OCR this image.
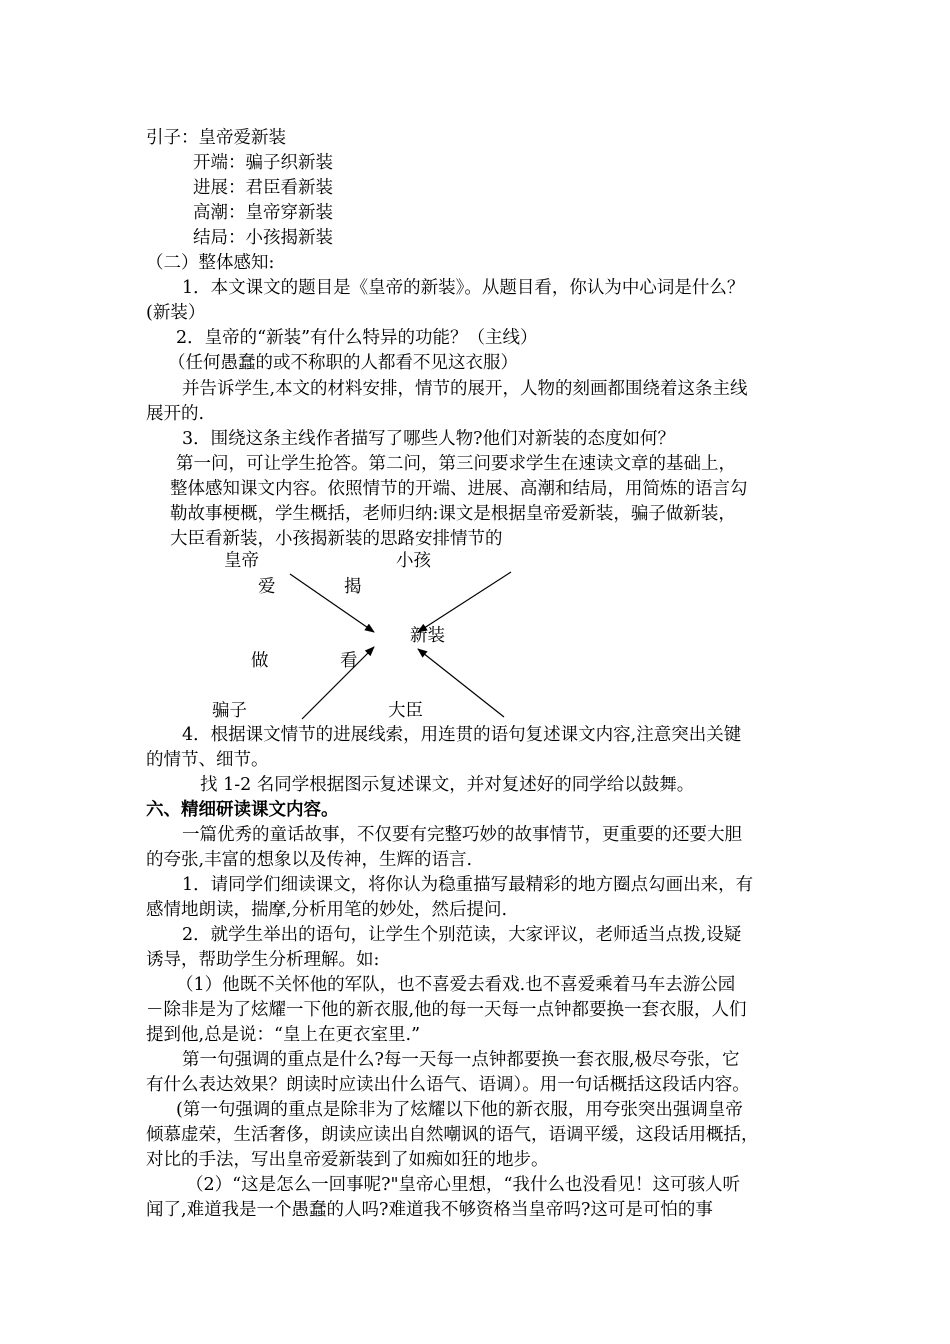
引子：皇帝爱新装
开端：骗子织新装
进展：君臣看新装
高潮：皇帝穿新装
结局：小孩揭新装
（二）整体感知:
1．本文课文的题目是《皇帝的新装》。从题目看，你认为中心词是什么？
(新装）
2．皇帝的“新装”有什么特异的功能？（主线）
（任何愚蠢的或不称职的人都看不见这衣服）
并告诉学生,本文的材料安排，情节的展开，人物的刻画都围绕着这条主线
展开的.
3．围绕这条主线作者描写了哪些人物?他们对新装的态度如何？
第一问，可让学生抢答。第二问，第三问要求学生在速读文章的基础上，
整体感知课文内容。依照情节的开端、进展、高潮和结局，用简炼的语言勾
勒故事梗概，学生概括，老师归纳:课文是根据皇帝爱新装，骗子做新装，
大臣看新装，小孩揭新装的思路安排情节的
皇帝	小孩
爱	揭
新装
做	看
骗子	大臣
4．根据课文情节的进展线索，用连贯的语句复述课文内容,注意突出关键
的情节、细节。
找 1-2 名同学根据图示复述课文，并对复述好的同学给以鼓舞。
六、精细研读课文内容。
一篇优秀的童话故事，不仅要有完整巧妙的故事情节，更重要的还要大胆
的夸张,丰富的想象以及传神，生辉的语言.
1．请同学们细读课文，将你认为稳重描写最精彩的地方圈点勾画出来，有
感情地朗读，揣摩,分析用笔的妙处，然后提问.
2．就学生举出的语句，让学生个别范读，大家评议，老师适当点拨,设疑
诱导，帮助学生分析理解。如:
（1）他既不关怀他的军队，也不喜爱去看戏.也不喜爱乘着马车去游公园
－除非是为了炫耀一下他的新衣服,他的每一天每一点钟都要换一套衣服，人们
提到他,总是说：“皇上在更衣室里.”
第一句强调的重点是什么?每一天每一点钟都要换一套衣服,极尽夸张，它
有什么表达效果？朗读时应读出什么语气、语调）。用一句话概括这段话内容。
(第一句强调的重点是除非为了炫耀以下他的新衣服，用夸张突出强调皇帝
倾慕虚荣，生活奢侈，朗读应读出自然嘲讽的语气，语调平缓，这段话用概括，
对比的手法，写出皇帝爱新装到了如痴如狂的地步。
（2）“这是怎么一回事呢?"皇帝心里想，“我什么也没看见！这可骇人听
闻了,难道我是一个愚蠢的人吗?难道我不够资格当皇帝吗?这可是可怕的事
